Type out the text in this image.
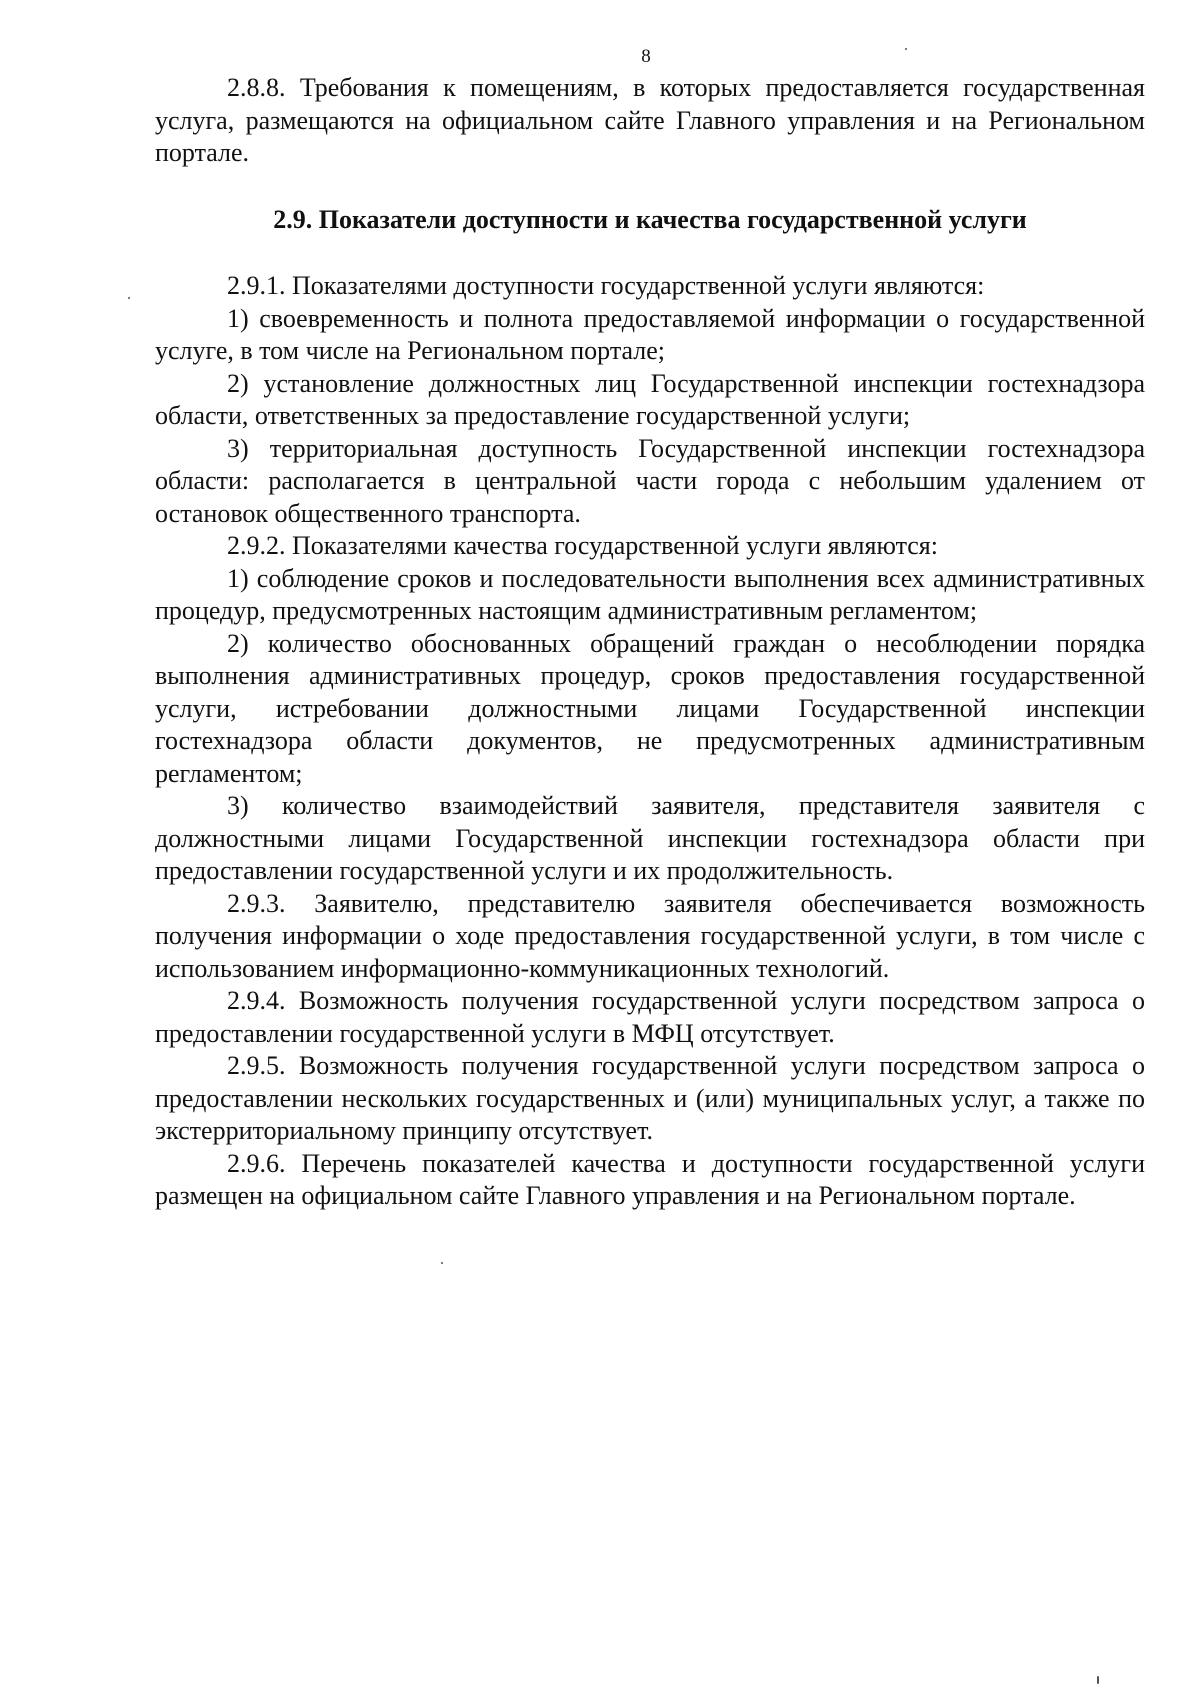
8

2.8.8. Требования к помещениям, в которых предоставляется государственная услуга, размещаются на официальном сайте Главного управления и на Региональном портале.

2.9. Показатели доступности и качества государственной услуги

2.9.1. Показателями доступности государственной услуги являются:

1) своевременность и полнота предоставляемой информации о государственной услуге, в том числе на Региональном портале;

2) установление должностных лиц Государственной инспекции гостехнадзора области, ответственных за предоставление государственной услуги;

3) территориальная доступность Государственной инспекции гостехнадзора области: располагается в центральной части города с небольшим удалением от остановок общественного транспорта.

2.9.2. Показателями качества государственной услуги являются:

1) соблюдение сроков и последовательности выполнения всех административных процедур, предусмотренных настоящим административным регламентом;

2) количество обоснованных обращений граждан о несоблюдении порядка выполнения административных процедур, сроков предоставления государственной услуги, истребовании должностными лицами Государственной инспекции гостехнадзора области документов, не предусмотренных административным регламентом;

3) количество взаимодействий заявителя, представителя заявителя с должностными лицами Государственной инспекции гостехнадзора области при предоставлении государственной услуги и их продолжительность.

2.9.3. Заявителю, представителю заявителя обеспечивается возможность получения информации о ходе предоставления государственной услуги, в том числе с использованием информационно-коммуникационных технологий.

2.9.4. Возможность получения государственной услуги посредством запроса о предоставлении государственной услуги в МФЦ отсутствует.

2.9.5. Возможность получения государственной услуги посредством запроса о предоставлении нескольких государственных и (или) муниципальных услуг, а также по экстерриториальному принципу отсутствует.

2.9.6. Перечень показателей качества и доступности государственной услуги размещен на официальном сайте Главного управления и на Региональном портале.
